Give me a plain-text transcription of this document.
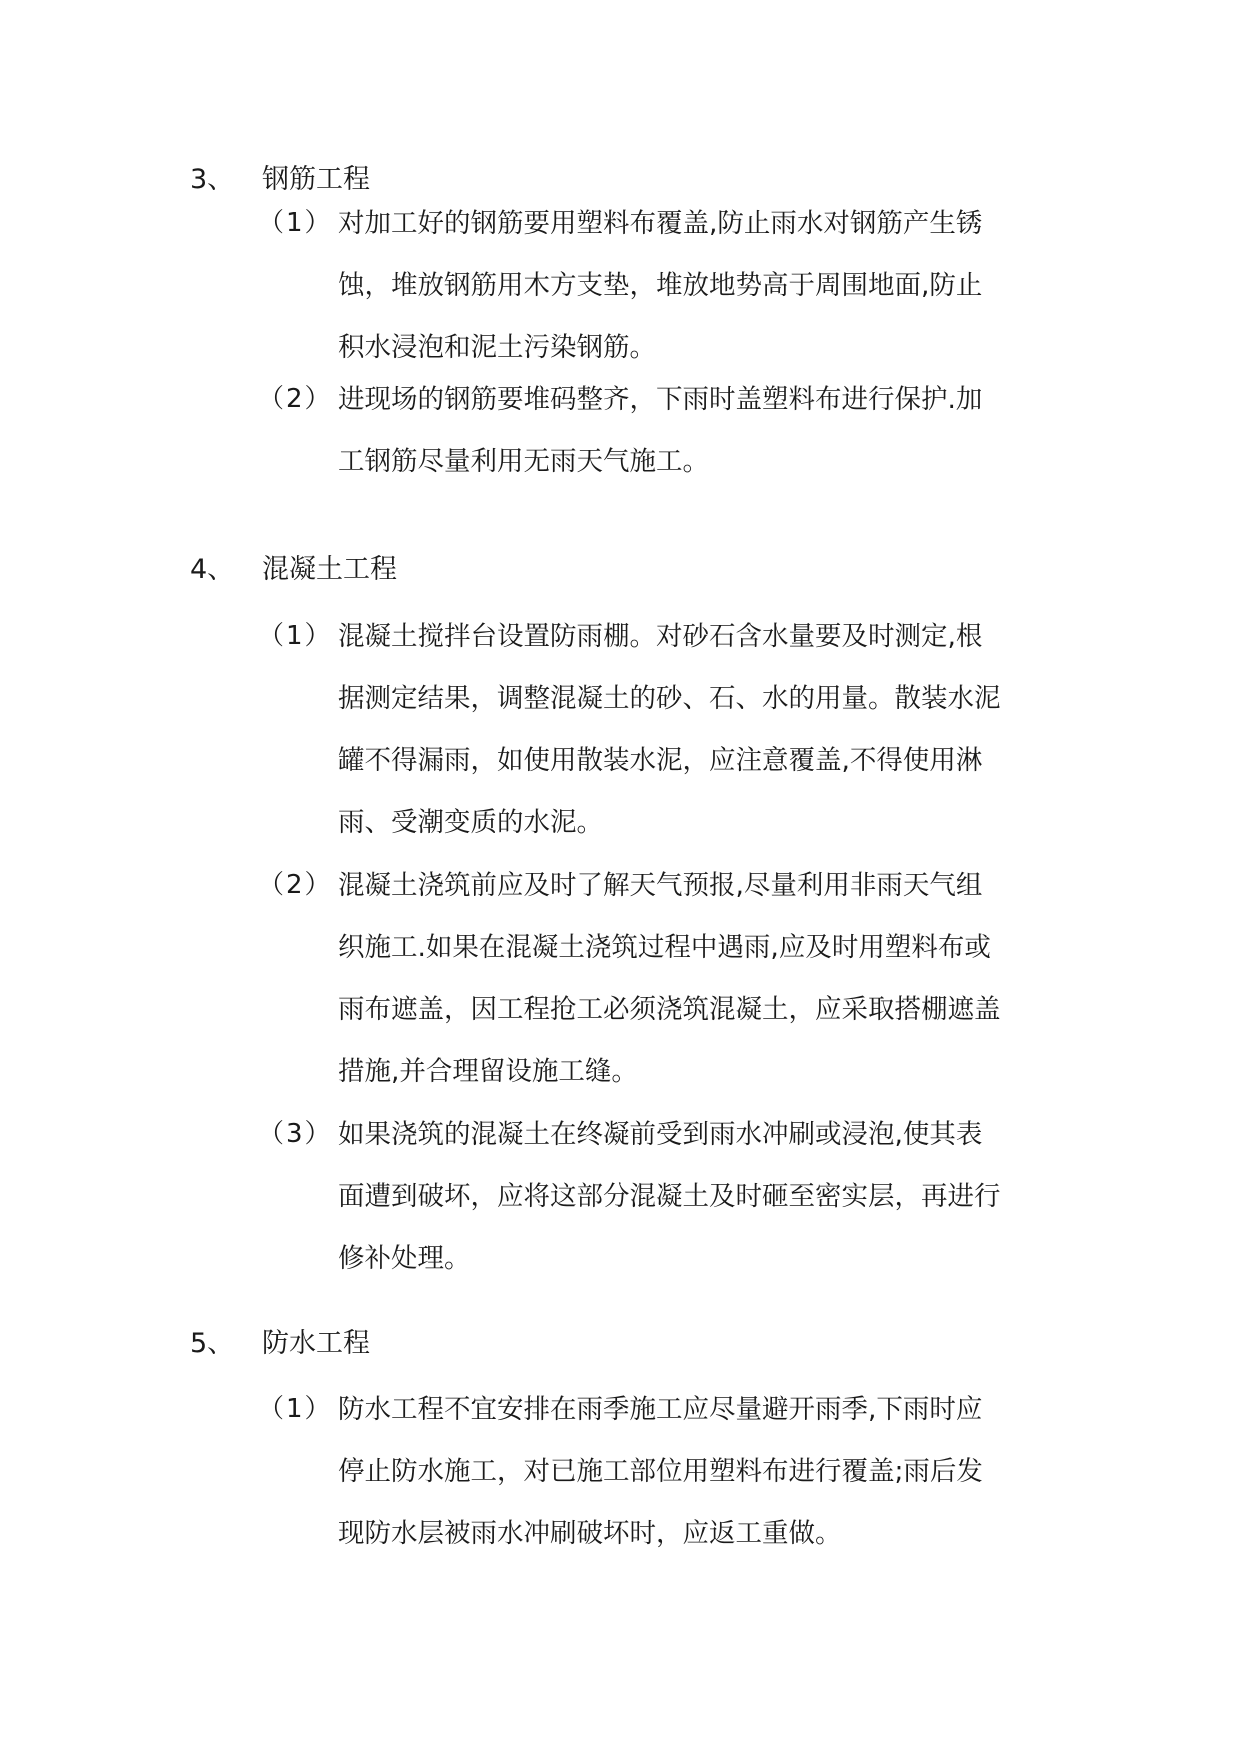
3、 钢筋工程
（1） 对加工好的钢筋要用塑料布覆盖,防止雨水对钢筋产生锈
蚀，堆放钢筋用木方支垫，堆放地势高于周围地面,防止
积水浸泡和泥土污染钢筋。
（2） 进现场的钢筋要堆码整齐，下雨时盖塑料布进行保护.加
工钢筋尽量利用无雨天气施工。
4、 混凝土工程
（1） 混凝土搅拌台设置防雨棚。对砂石含水量要及时测定,根
据测定结果，调整混凝土的砂、石、水的用量。散装水泥
罐不得漏雨，如使用散装水泥，应注意覆盖,不得使用淋
雨、受潮变质的水泥。
（2） 混凝土浇筑前应及时了解天气预报,尽量利用非雨天气组
织施工.如果在混凝土浇筑过程中遇雨,应及时用塑料布或
雨布遮盖，因工程抢工必须浇筑混凝土，应采取搭棚遮盖
措施,并合理留设施工缝。
（3） 如果浇筑的混凝土在终凝前受到雨水冲刷或浸泡,使其表
面遭到破坏，应将这部分混凝土及时砸至密实层，再进行
修补处理。
5、 防水工程
（1） 防水工程不宜安排在雨季施工应尽量避开雨季,下雨时应
停止防水施工，对已施工部位用塑料布进行覆盖;雨后发
现防水层被雨水冲刷破坏时，应返工重做。
